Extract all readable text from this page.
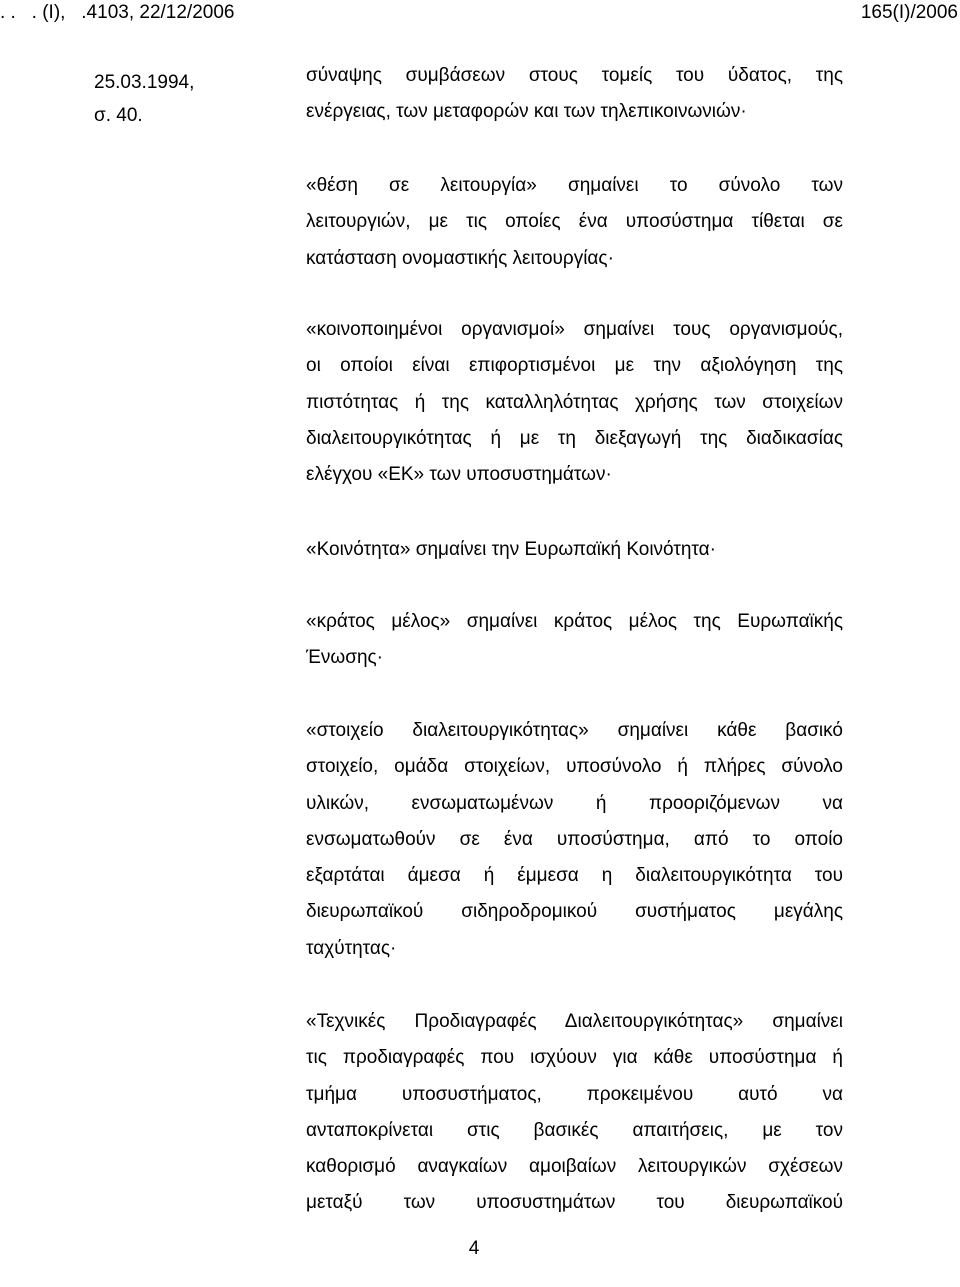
. .   . (Ι),   .4103, 22/12/2006	165(Ι)/2006
25.03.1994,
σ. 40.
σύναψης συμβάσεων στους τομείς του ύδατος, της
ενέργειας, των μεταφορών και των τηλεπικοινωνιών·
«θέση σε λειτουργία» σημαίνει το σύνολο των
λειτουργιών, με τις οποίες ένα υποσύστημα τίθεται σε
κατάσταση ονομαστικής λειτουργίας·
«κοινοποιημένοι οργανισμοί» σημαίνει τους οργανισμούς,
οι οποίοι είναι επιφορτισμένοι με την αξιολόγηση της
πιστότητας ή της καταλληλότητας χρήσης των στοιχείων
διαλειτουργικότητας ή με τη διεξαγωγή της διαδικασίας
ελέγχου «ΕΚ» των υποσυστημάτων·
«Κοινότητα» σημαίνει την Ευρωπαϊκή Κοινότητα·
«κράτος μέλος» σημαίνει κράτος μέλος της Ευρωπαϊκής
Ένωσης·
«στοιχείο διαλειτουργικότητας» σημαίνει κάθε βασικό
στοιχείο, ομάδα στοιχείων, υποσύνολο ή πλήρες σύνολο
υλικών, ενσωματωμένων ή προοριζόμενων να
ενσωματωθούν σε ένα υποσύστημα, από το οποίο
εξαρτάται άμεσα ή έμμεσα η διαλειτουργικότητα του
διευρωπαϊκού σιδηροδρομικού συστήματος μεγάλης
ταχύτητας·
«Τεχνικές Προδιαγραφές Διαλειτουργικότητας» σημαίνει
τις προδιαγραφές που ισχύουν για κάθε υποσύστημα ή
τμήμα υποσυστήματος, προκειμένου αυτό να
ανταποκρίνεται στις βασικές απαιτήσεις, με τον
καθορισμό αναγκαίων αμοιβαίων λειτουργικών σχέσεων
μεταξύ των υποσυστημάτων του διευρωπαϊκού
4
